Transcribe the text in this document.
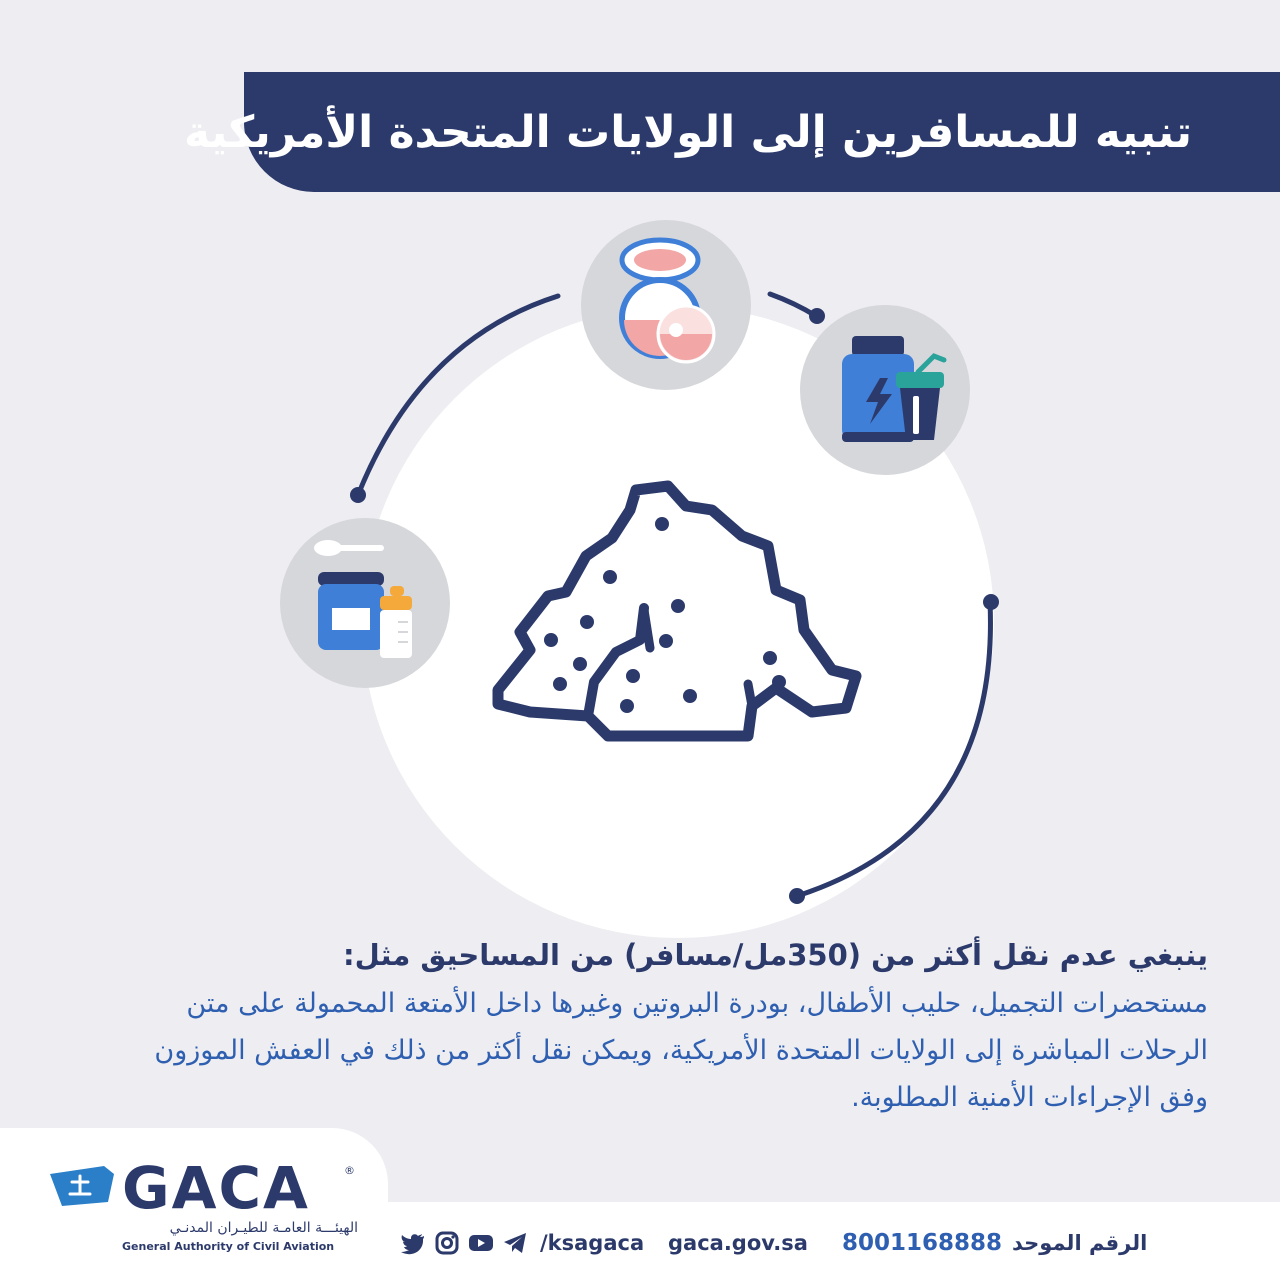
تنبيه للمسافرين إلى الولايات المتحدة الأمريكية
ينبغي عدم نقل أكثر من (350مل/مسافر) من المساحيق مثل:
مستحضرات التجميل، حليب الأطفال، بودرة البروتين وغيرها داخل الأمتعة المحمولة على متن الرحلات المباشرة إلى الولايات المتحدة الأمريكية، ويمكن نقل أكثر من ذلك في العفش الموزون وفق الإجراءات الأمنية المطلوبة.
GACA	®
الهيئـــة العامـة للطيـران المدنـي
General Authority of Civil Aviation	/ksagaca gaca.gov.sa	الرقم الموحد
8001168888
